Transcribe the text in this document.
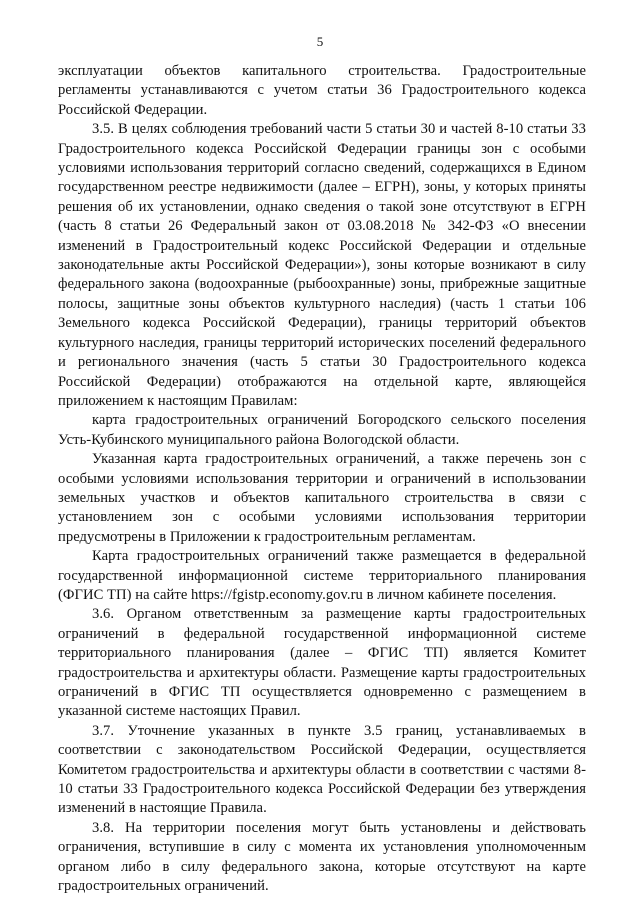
5

эксплуатации объектов капитального строительства. Градостроительные регламенты устанавливаются с учетом статьи 36 Градостроительного кодекса Российской Федерации.

3.5. В целях соблюдения требований части 5 статьи 30 и частей 8-10 статьи 33 Градостроительного кодекса Российской Федерации границы зон с особыми условиями использования территорий согласно сведений, содержащихся в Едином государственном реестре недвижимости (далее – ЕГРН), зоны, у которых приняты решения об их установлении, однако сведения о такой зоне отсутствуют в ЕГРН (часть 8 статьи 26 Федеральный закон от 03.08.2018 № 342-ФЗ «О внесении изменений в Градостроительный кодекс Российской Федерации и отдельные законодательные акты Российской Федерации»), зоны которые возникают в силу федерального закона (водоохранные (рыбоохранные) зоны, прибрежные защитные полосы, защитные зоны объектов культурного наследия) (часть 1 статьи 106 Земельного кодекса Российской Федерации), границы территорий объектов культурного наследия, границы территорий исторических поселений федерального и регионального значения (часть 5 статьи 30 Градостроительного кодекса Российской Федерации) отображаются на отдельной карте, являющейся приложением к настоящим Правилам:

карта градостроительных ограничений Богородского сельского поселения Усть-Кубинского муниципального района Вологодской области.

Указанная карта градостроительных ограничений, а также перечень зон с особыми условиями использования территории и ограничений в использовании земельных участков и объектов капитального строительства в связи с установлением зон с особыми условиями использования территории предусмотрены в Приложении к градостроительным регламентам.

Карта градостроительных ограничений также размещается в федеральной государственной информационной системе территориального планирования (ФГИС ТП) на сайте https://fgistp.economy.gov.ru в личном кабинете поселения.

3.6. Органом ответственным за размещение карты градостроительных ограничений в федеральной государственной информационной системе территориального планирования (далее – ФГИС ТП) является Комитет градостроительства и архитектуры области. Размещение карты градостроительных ограничений в ФГИС ТП осуществляется одновременно с размещением в указанной системе настоящих Правил.

3.7. Уточнение указанных в пункте 3.5 границ, устанавливаемых в соответствии с законодательством Российской Федерации, осуществляется Комитетом градостроительства и архитектуры области в соответствии с частями 8-10 статьи 33 Градостроительного кодекса Российской Федерации без утверждения изменений в настоящие Правила.

3.8. На территории поселения могут быть установлены и действовать ограничения, вступившие в силу с момента их установления уполномоченным органом либо в силу федерального закона, которые отсутствуют на карте градостроительных ограничений.
